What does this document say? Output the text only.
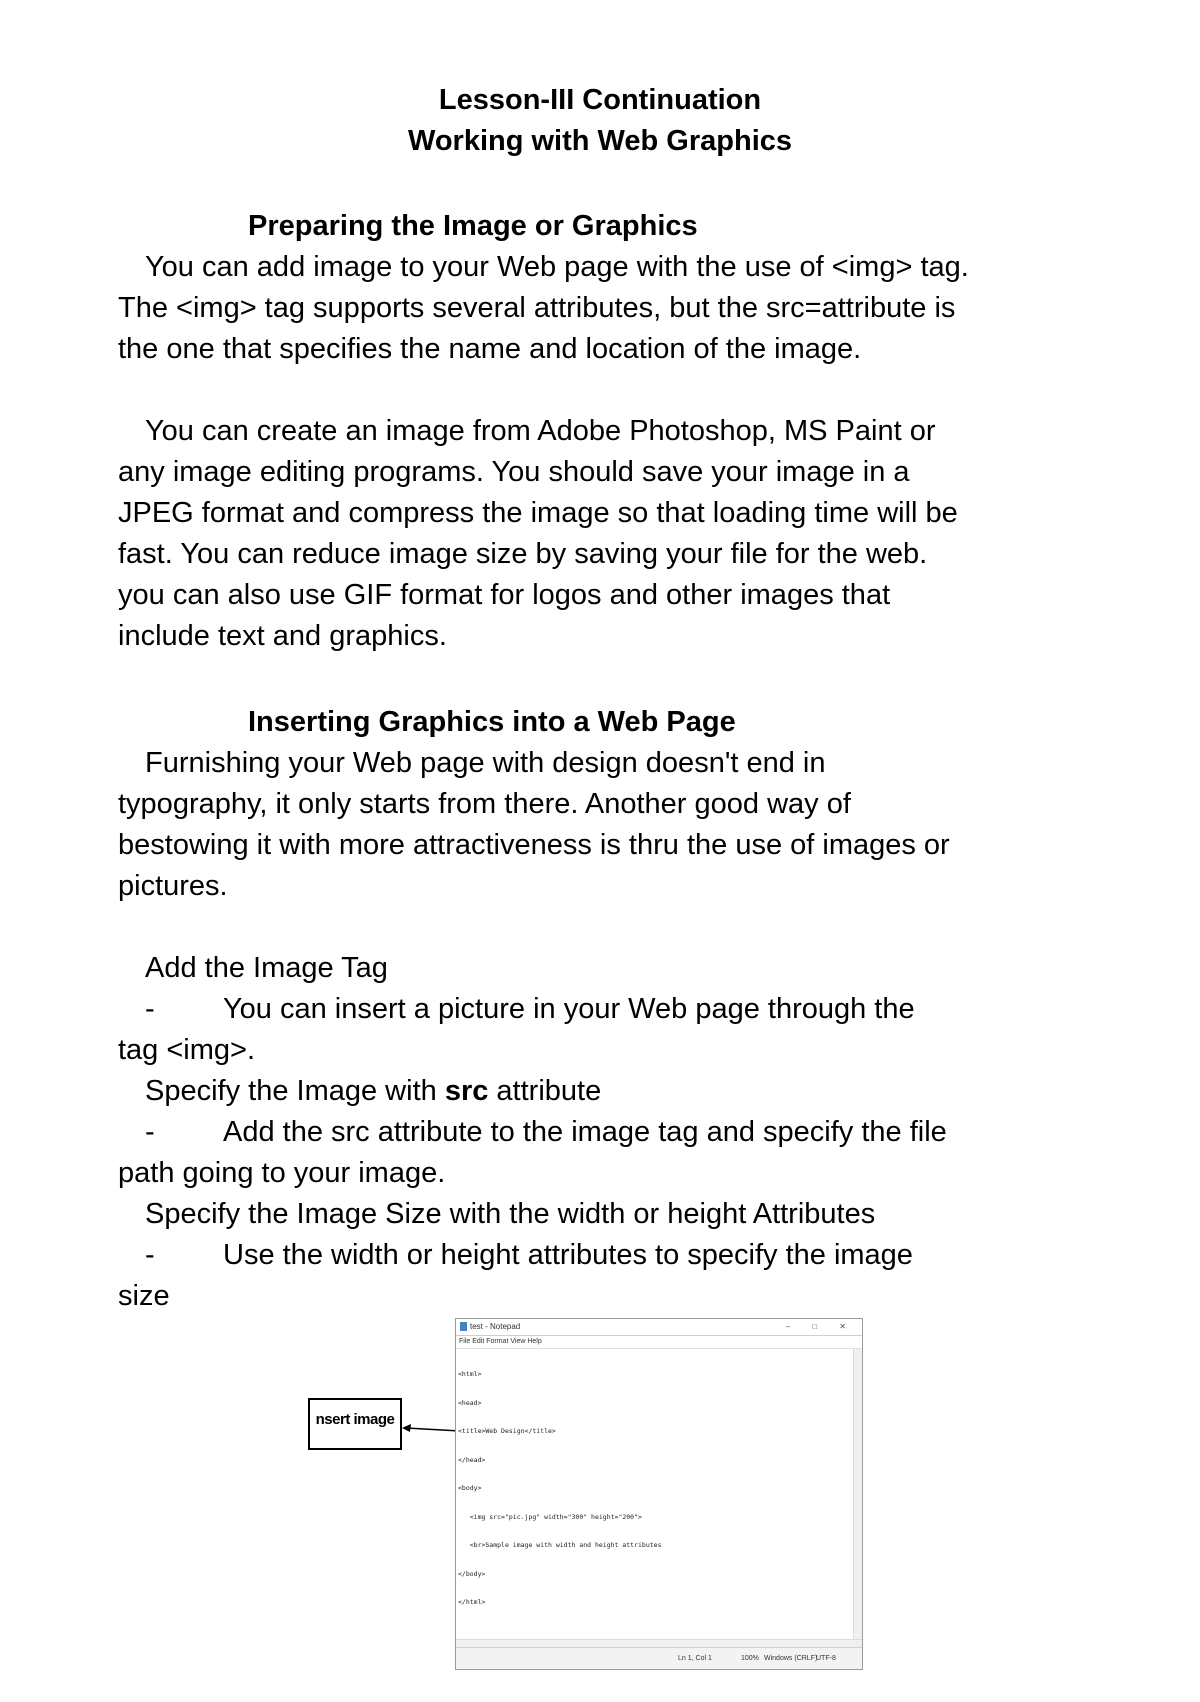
Lesson-III Continuation
Working with Web Graphics
Preparing the Image or Graphics
You can add image to your Web page with the use of <img> tag.
The <img> tag supports several attributes, but the src=attribute is
the one that specifies the name and location of the image.
You can create an image from Adobe Photoshop, MS Paint or
any image editing programs. You should save your image in a
JPEG format and compress the image so that loading time will be
fast. You can reduce image size by saving your file for the web.
you can also use GIF format for logos and other images that
include text and graphics.
Inserting Graphics into a Web Page
Furnishing your Web page with design doesn't end in
typography, it only starts from there. Another good way of
bestowing it with more attractiveness is thru the use of images or
pictures.
Add the Image Tag
- You can insert a picture in your Web page through the
tag <img>.
Specify the Image with src attribute
- Add the src attribute to the image tag and specify the file
path going to your image.
Specify the Image Size with the width or height Attributes
- Use the width or height attributes to specify the image
size
nsert image
test - Notepad	– □ ✕
File Edit Format View Help

<html>

<head>

<title>Web Design</title>

</head>

<body>

<img src="pic.jpg" width="300" height="200">

<br>Sample image with width and height attributes

</body>

</html>

Ln 1, Col 1	100% Windows (CRLF)
UTF-8
